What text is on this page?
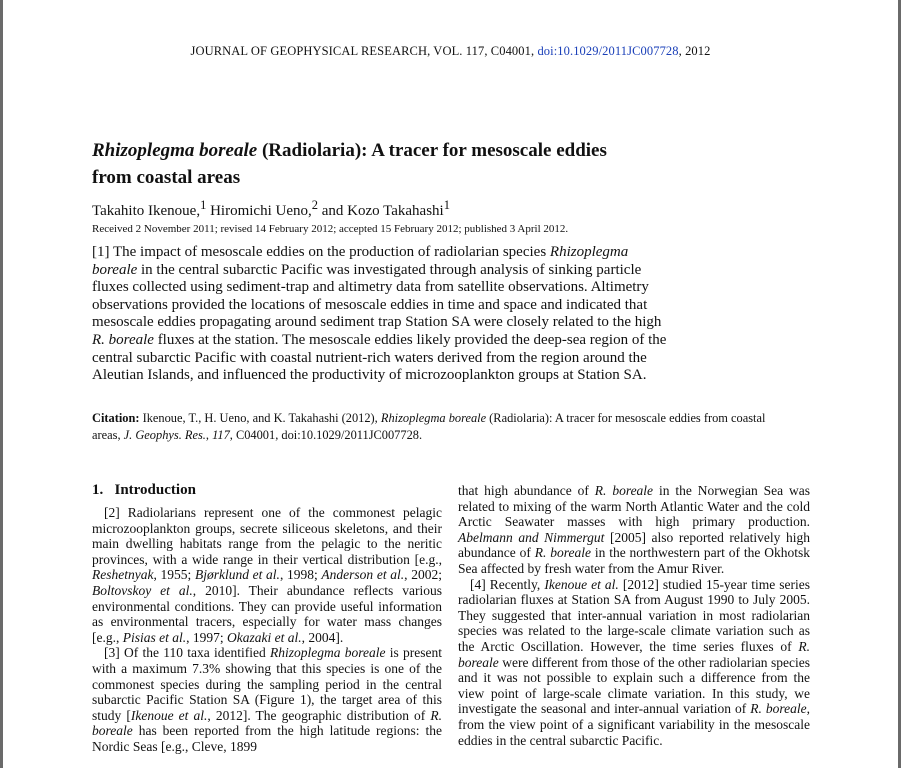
JOURNAL OF GEOPHYSICAL RESEARCH, VOL. 117, C04001, doi:10.1029/2011JC007728, 2012
Rhizoplegma boreale (Radiolaria): A tracer for mesoscale eddies
from coastal areas
Takahito Ikenoue,$^1$ Hiromichi Ueno,$^2$ and Kozo Takahashi$^1$
Received 2 November 2011; revised 14 February 2012; accepted 15 February 2012; published 3 April 2012.
[1] The impact of mesoscale eddies on the production of radiolarian species Rhizoplegma boreale in the central subarctic Pacific was investigated through analysis of sinking particle fluxes collected using sediment-trap and altimetry data from satellite observations. Altimetry observations provided the locations of mesoscale eddies in time and space and indicated that mesoscale eddies propagating around sediment trap Station SA were closely related to the high R. boreale fluxes at the station. The mesoscale eddies likely provided the deep-sea region of the central subarctic Pacific with coastal nutrient-rich waters derived from the region around the Aleutian Islands, and influenced the productivity of microzooplankton groups at Station SA.
Citation: Ikenoue, T., H. Ueno, and K. Takahashi (2012), Rhizoplegma boreale (Radiolaria): A tracer for mesoscale eddies from coastal areas, J. Geophys. Res., 117, C04001, doi:10.1029/2011JC007728.
1. Introduction

[2] Radiolarians represent one of the commonest pelagic microzooplankton groups, secrete siliceous skeletons, and their main dwelling habitats range from the pelagic to the neritic provinces, with a wide range in their vertical distribution [e.g., Reshetnyak, 1955; Bjørklund et al., 1998; Anderson et al., 2002; Boltovskoy et al., 2010]. Their abundance reflects various environmental conditions. They can provide useful information as environmental tracers, especially for water mass changes [e.g., Pisias et al., 1997; Okazaki et al., 2004].

[3] Of the 110 taxa identified Rhizoplegma boreale is present with a maximum 7.3% showing that this species is one of the commonest species during the sampling period in the central subarctic Pacific Station SA (Figure 1), the target area of this study [Ikenoue et al., 2012]. The geographic distribution of R. boreale has been reported from the high latitude regions: the Nordic Seas [e.g., Cleve, 1899

that high abundance of R. boreale in the Norwegian Sea was related to mixing of the warm North Atlantic Water and the cold Arctic Seawater masses with high primary production. Abelmann and Nimmergut [2005] also reported relatively high abundance of R. boreale in the northwestern part of the Okhotsk Sea affected by fresh water from the Amur River.

[4] Recently, Ikenoue et al. [2012] studied 15-year time series radiolarian fluxes at Station SA from August 1990 to July 2005. They suggested that inter-annual variation in most radiolarian species was related to the large-scale climate variation such as the Arctic Oscillation. However, the time series fluxes of R. boreale were different from those of the other radiolarian species and it was not possible to explain such a difference from the view point of large-scale climate variation. In this study, we investigate the seasonal and inter-annual variation of R. boreale, from the view point of a significant variability in the mesoscale eddies in the central subarctic Pacific.
